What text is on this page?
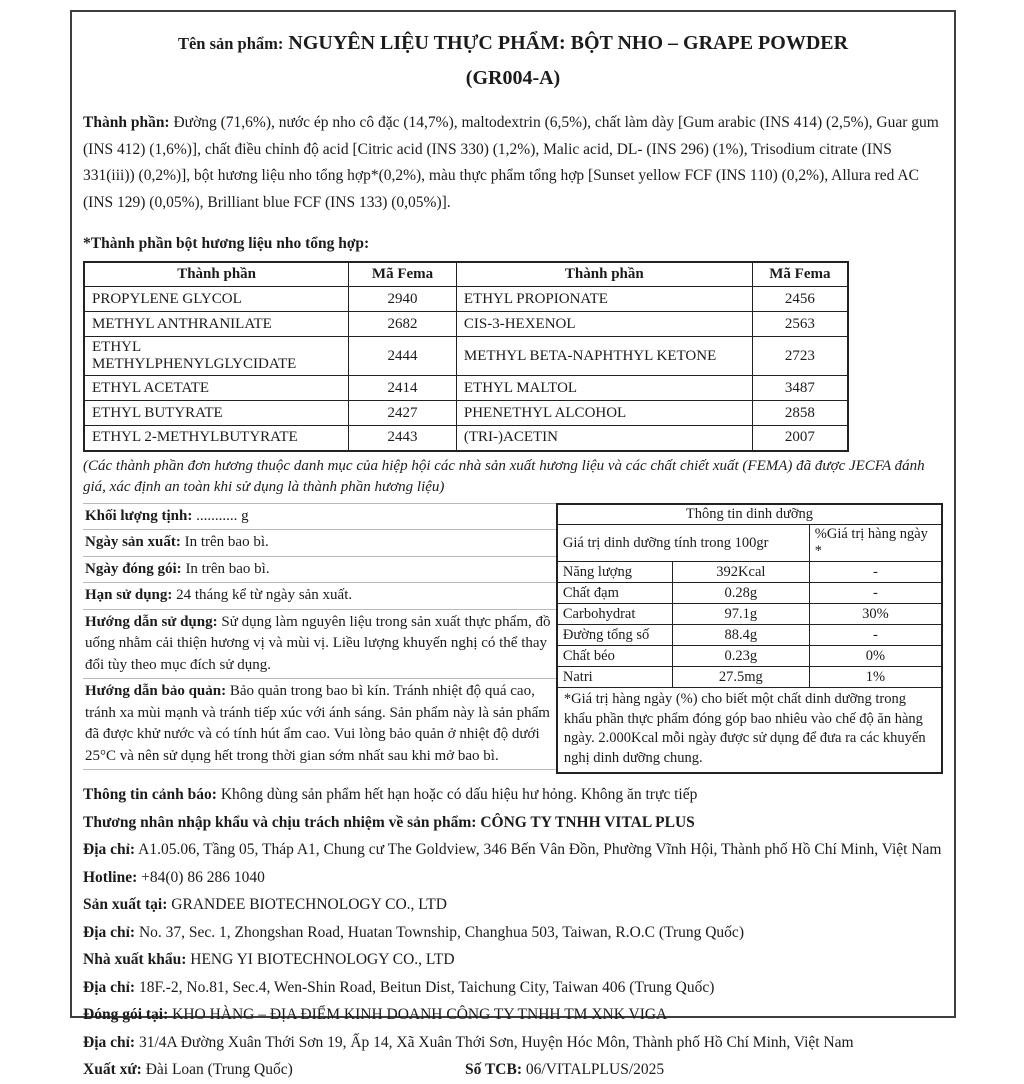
Tên sản phẩm: NGUYÊN LIỆU THỰC PHẨM: BỘT NHO – GRAPE POWDER
(GR004-A)

Thành phần: Đường (71,6%), nước ép nho cô đặc (14,7%), maltodextrin (6,5%), chất làm dày [Gum arabic (INS 414) (2,5%), Guar gum (INS 412) (1,6%)], chất điều chỉnh độ acid [Citric acid (INS 330) (1,2%), Malic acid, DL- (INS 296) (1%), Trisodium citrate (INS 331(iii)) (0,2%)], bột hương liệu nho tổng hợp*(0,2%), màu thực phẩm tổng hợp [Sunset yellow FCF (INS 110) (0,2%), Allura red AC (INS 129) (0,05%), Brilliant blue FCF (INS 133) (0,05%)].

*Thành phần bột hương liệu nho tổng hợp:
Thành phần	Mã Fema	Thành phần	Mã Fema
PROPYLENE GLYCOL	2940	ETHYL PROPIONATE	2456
METHYL ANTHRANILATE	2682	CIS-3-HEXENOL	2563
ETHYL METHYLPHENYLGLYCIDATE	2444	METHYL BETA-NAPHTHYL KETONE	2723
ETHYL ACETATE	2414	ETHYL MALTOL	3487
ETHYL BUTYRATE	2427	PHENETHYL ALCOHOL	2858
ETHYL 2-METHYLBUTYRATE	2443	(TRI-)ACETIN	2007
(Các thành phần đơn hương thuộc danh mục của hiệp hội các nhà sản xuất hương liệu và các chất chiết xuất (FEMA) đã được JECFA đánh giá, xác định an toàn khi sử dụng là thành phần hương liệu)
Khối lượng tịnh: ........... g
Ngày sản xuất: In trên bao bì.
Ngày đóng gói: In trên bao bì.
Hạn sử dụng: 24 tháng kể từ ngày sản xuất.
Hướng dẫn sử dụng: Sử dụng làm nguyên liệu trong sản xuất thực phẩm, đồ uống nhằm cải thiện hương vị và mùi vị. Liều lượng khuyến nghị có thể thay đổi tùy theo mục đích sử dụng.
Hướng dẫn bảo quản: Bảo quản trong bao bì kín. Tránh nhiệt độ quá cao, tránh xa mùi mạnh và tránh tiếp xúc với ánh sáng. Sản phẩm này là sản phẩm đã được khử nước và có tính hút ẩm cao. Vui lòng bảo quản ở nhiệt độ dưới 25°C và nên sử dụng hết trong thời gian sớm nhất sau khi mở bao bì.
Thông tin dinh dưỡng		
Giá trị dinh dưỡng tính trong 100gr		%Giá trị hàng ngày *
Năng lượng	392Kcal	-
Chất đạm	0.28g	-
Carbohydrat	97.1g	30%
Đường tổng số	88.4g	-
Chất béo	0.23g	0%
Natri	27.5mg	1%
*Giá trị hàng ngày (%) cho biết một chất dinh dưỡng trong khẩu phần thực phẩm đóng góp bao nhiêu vào chế độ ăn hàng ngày. 2.000Kcal mỗi ngày được sử dụng để đưa ra các khuyến nghị dinh dưỡng chung.		

Thông tin cảnh báo: Không dùng sản phẩm hết hạn hoặc có dấu hiệu hư hỏng. Không ăn trực tiếp

Thương nhân nhập khẩu và chịu trách nhiệm về sản phẩm: CÔNG TY TNHH VITAL PLUS

Địa chỉ: A1.05.06, Tầng 05, Tháp A1, Chung cư The Goldview, 346 Bến Vân Đồn, Phường Vĩnh Hội, Thành phố Hồ Chí Minh, Việt Nam

Hotline: +84(0) 86 286 1040

Sản xuất tại: GRANDEE BIOTECHNOLOGY CO., LTD

Địa chỉ: No. 37, Sec. 1, Zhongshan Road, Huatan Township, Changhua 503, Taiwan, R.O.C (Trung Quốc)

Nhà xuất khẩu: HENG YI BIOTECHNOLOGY CO., LTD

Địa chỉ: 18F.-2, No.81, Sec.4, Wen-Shin Road, Beitun Dist, Taichung City, Taiwan 406 (Trung Quốc)

Đóng gói tại: KHO HÀNG – ĐỊA ĐIỂM KINH DOANH CÔNG TY TNHH TM XNK VIGA

Địa chỉ: 31/4A Đường Xuân Thới Sơn 19, Ấp 14, Xã Xuân Thới Sơn, Huyện Hóc Môn, Thành phố Hồ Chí Minh, Việt Nam

Xuất xứ: Đài Loan (Trung Quốc)	Số TCB: 06/VITALPLUS/2025
